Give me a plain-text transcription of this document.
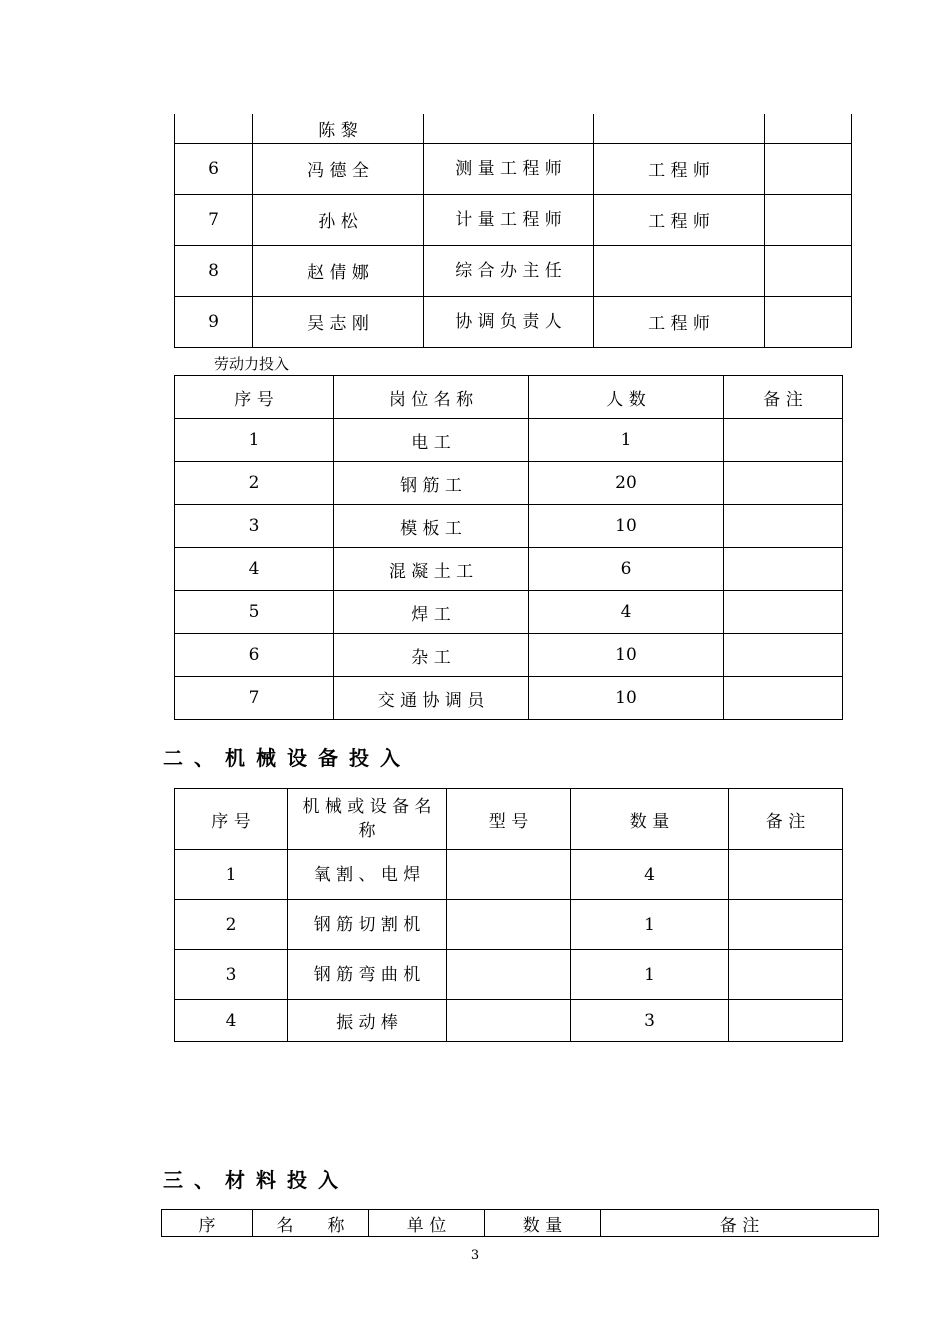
	陈 黎			
6	冯 德 全	测 量 工 程 师	工 程 师	
7	孙 松	计 量 工 程 师	工 程 师	
8	赵 倩 娜	综 合 办 主 任		
9	吴 志 刚	协 调 负 责 人	工 程 师	
劳动力投入
序 号	岗 位 名 称	人 数	备 注
1	电 工	1	
2	钢 筋 工	20	
3	模 板 工	10	
4	混 凝 土 工	6	
5	焊 工	4	
6	杂 工	10	
7	交 通 协 调 员	10	
二、机械设备投入
序 号	机 械 或 设 备 名 称	型 号	数 量	备 注
1	氧 割 、 电 焊		4	
2	钢 筋 切 割 机		1	
3	钢 筋 弯 曲 机		1	
4	振 动 棒		3	
三、材料投入
序	名　　称	单 位	数 量	备 注
3
